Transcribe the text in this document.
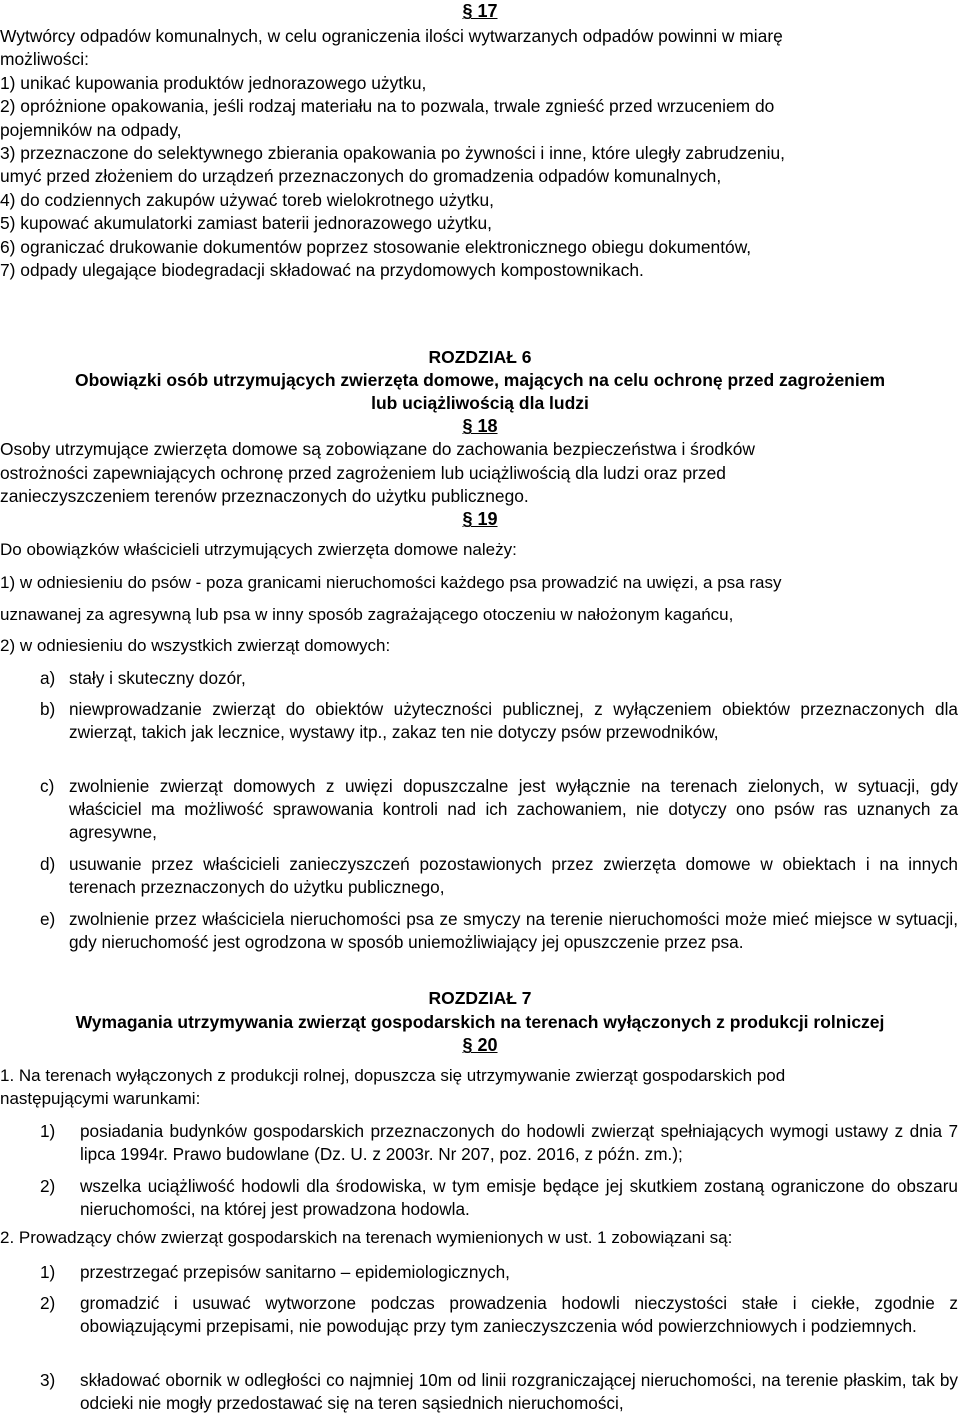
§ 17
Wytwórcy odpadów komunalnych, w celu ograniczenia ilości wytwarzanych odpadów powinni w miarę
możliwości:
1) unikać kupowania produktów jednorazowego użytku,
2) opróżnione opakowania, jeśli rodzaj materiału na to pozwala, trwale zgnieść przed wrzuceniem do
pojemników na odpady,
3) przeznaczone do selektywnego zbierania opakowania po żywności i inne, które uległy zabrudzeniu,
umyć przed złożeniem do urządzeń przeznaczonych do gromadzenia odpadów komunalnych,
4) do codziennych zakupów używać toreb wielokrotnego użytku,
5) kupować akumulatorki zamiast baterii jednorazowego użytku,
6) ograniczać drukowanie dokumentów poprzez stosowanie elektronicznego obiegu dokumentów,
7) odpady ulegające biodegradacji składować na przydomowych kompostownikach.
ROZDZIAŁ 6
Obowiązki osób utrzymujących zwierzęta domowe, mających na celu ochronę przed zagrożeniem
lub uciążliwością dla ludzi
§ 18
Osoby utrzymujące zwierzęta domowe są zobowiązane do zachowania bezpieczeństwa i środków
ostrożności zapewniających ochronę przed zagrożeniem lub uciążliwością dla ludzi oraz przed
zanieczyszczeniem terenów przeznaczonych do użytku publicznego.
§ 19
Do obowiązków właścicieli utrzymujących zwierzęta domowe należy:
1) w odniesieniu do psów - poza granicami nieruchomości każdego psa prowadzić na uwięzi, a psa rasy
uznawanej za agresywną lub psa w inny sposób zagrażającego otoczeniu w nałożonym kagańcu,
2) w odniesieniu do wszystkich zwierząt domowych:
a) stały i skuteczny dozór,
b) niewprowadzanie zwierząt do obiektów użyteczności publicznej, z wyłączeniem obiektów przeznaczonych dla zwierząt, takich jak lecznice, wystawy itp., zakaz ten nie dotyczy psów przewodników,
c) zwolnienie zwierząt domowych z uwięzi dopuszczalne jest wyłącznie na terenach zielonych, w sytuacji, gdy właściciel ma możliwość sprawowania kontroli nad ich zachowaniem, nie dotyczy ono psów ras uznanych za agresywne,
d) usuwanie przez właścicieli zanieczyszczeń pozostawionych przez zwierzęta domowe w obiektach i na innych terenach przeznaczonych do użytku publicznego,
e) zwolnienie przez właściciela nieruchomości psa ze smyczy na terenie nieruchomości może mieć miejsce w sytuacji, gdy nieruchomość jest ogrodzona w sposób uniemożliwiający jej opuszczenie przez psa.
ROZDZIAŁ 7
Wymagania utrzymywania zwierząt gospodarskich na terenach wyłączonych z produkcji rolniczej
§ 20
1. Na terenach wyłączonych z produkcji rolnej, dopuszcza się utrzymywanie zwierząt gospodarskich pod
następującymi warunkami:
1)	posiadania budynków gospodarskich przeznaczonych do hodowli zwierząt spełniających wymogi ustawy z dnia 7 lipca 1994r. Prawo budowlane (Dz. U. z 2003r. Nr 207, poz. 2016, z późn. zm.);
2)	wszelka uciążliwość hodowli dla środowiska, w tym emisje będące jej skutkiem zostaną ograniczone do obszaru nieruchomości, na której jest prowadzona hodowla.
2. Prowadzący chów zwierząt gospodarskich na terenach wymienionych w ust. 1 zobowiązani są:
1)	przestrzegać przepisów sanitarno – epidemiologicznych,
2)	gromadzić i usuwać wytworzone podczas prowadzenia hodowli nieczystości stałe i ciekłe, zgodnie z obowiązującymi przepisami, nie powodując przy tym zanieczyszczenia wód powierzchniowych i podziemnych.
3)	składować obornik w odległości co najmniej 10m od linii rozgraniczającej nieruchomości, na terenie płaskim, tak by odcieki nie mogły przedostawać się na teren sąsiednich nieruchomości,
